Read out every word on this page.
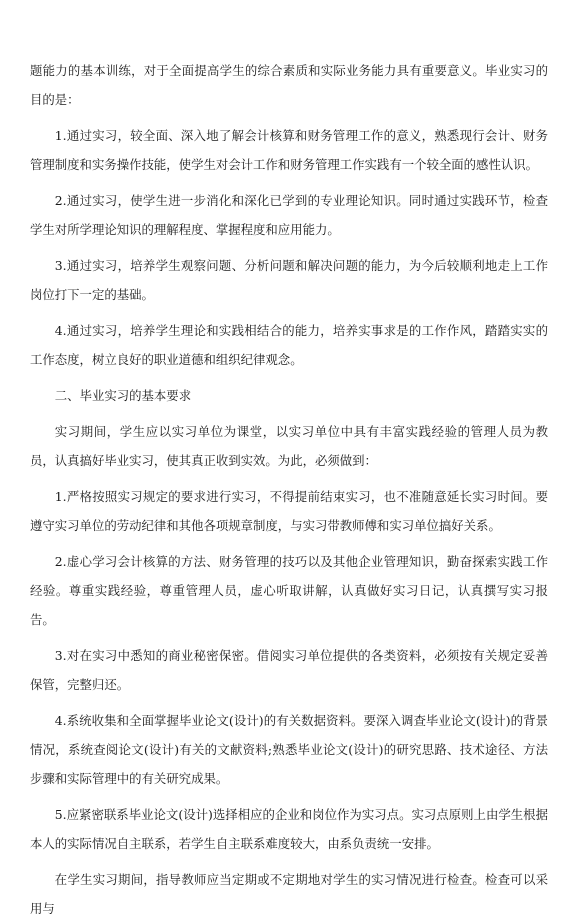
题能力的基本训练，对于全面提高学生的综合素质和实际业务能力具有重要意义。毕业实习的目的是：

1.通过实习，较全面、深入地了解会计核算和财务管理工作的意义，熟悉现行会计、财务管理制度和实务操作技能，使学生对会计工作和财务管理工作实践有一个较全面的感性认识。

2.通过实习，使学生进一步消化和深化已学到的专业理论知识。同时通过实践环节，检查学生对所学理论知识的理解程度、掌握程度和应用能力。

3.通过实习，培养学生观察问题、分析问题和解决问题的能力，为今后较顺利地走上工作岗位打下一定的基础。

4.通过实习，培养学生理论和实践相结合的能力，培养实事求是的工作作风，踏踏实实的工作态度，树立良好的职业道德和组织纪律观念。

二、毕业实习的基本要求

实习期间，学生应以实习单位为课堂，以实习单位中具有丰富实践经验的管理人员为教员，认真搞好毕业实习，使其真正收到实效。为此，必须做到：

1.严格按照实习规定的要求进行实习，不得提前结束实习，也不准随意延长实习时间。要遵守实习单位的劳动纪律和其他各项规章制度，与实习带教师傅和实习单位搞好关系。

2.虚心学习会计核算的方法、财务管理的技巧以及其他企业管理知识，勤奋探索实践工作经验。尊重实践经验，尊重管理人员，虚心听取讲解，认真做好实习日记，认真撰写实习报告。

3.对在实习中悉知的商业秘密保密。借阅实习单位提供的各类资料，必须按有关规定妥善保管，完整归还。

4.系统收集和全面掌握毕业论文(设计)的有关数据资料。要深入调查毕业论文(设计)的背景情况，系统查阅论文(设计)有关的文献资料;熟悉毕业论文(设计)的研究思路、技术途径、方法步骤和实际管理中的有关研究成果。

5.应紧密联系毕业论文(设计)选择相应的企业和岗位作为实习点。实习点原则上由学生根据本人的实际情况自主联系，若学生自主联系难度较大，由系负责统一安排。

在学生实习期间，指导教师应当定期或不定期地对学生的实习情况进行检查。检查可以采用与
